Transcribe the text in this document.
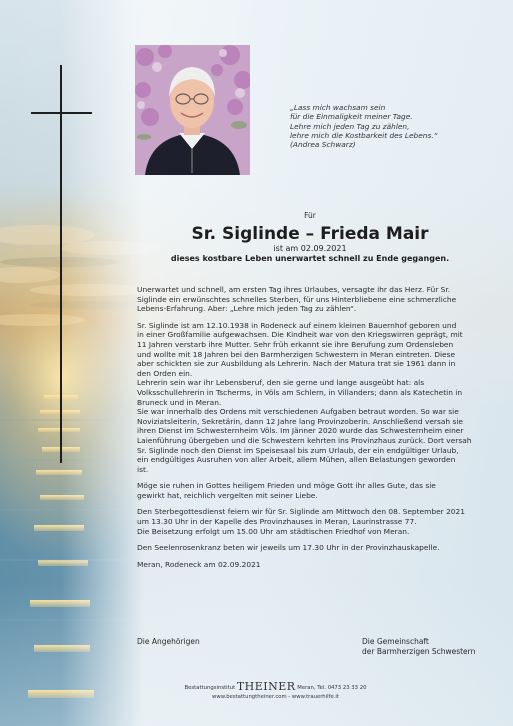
„Lass mich wachsam sein
für die Einmaligkeit meiner Tage.
Lehre mich jeden Tag zu zählen,
lehre mich die Kostbarkeit des Lebens.“
(Andrea Schwarz)
Für
Sr. Siglinde – Frieda Mair
ist am 02.09.2021
dieses kostbare Leben unerwartet schnell zu Ende gegangen.

Unerwartet und schnell, am ersten Tag ihres Urlaubes, versagte ihr das Herz. Für Sr.
Siglinde ein erwünschtes schnelles Sterben, für uns Hinterbliebene eine schmerzliche
Lebens-Erfahrung. Aber: „Lehre mich jeden Tag zu zählen“.

Sr. Siglinde ist am 12.10.1938 in Rodeneck auf einem kleinen Bauernhof geboren und
in einer Großfamilie aufgewachsen. Die Kindheit war von den Kriegswirren geprägt, mit
11 Jahren verstarb ihre Mutter. Sehr früh erkannt sie ihre Berufung zum Ordensleben
und wollte mit 18 Jahren bei den Barmherzigen Schwestern in Meran eintreten. Diese
aber schickten sie zur Ausbildung als Lehrerin. Nach der Matura trat sie 1961 dann in
den Orden ein.
Lehrerin sein war ihr Lebensberuf, den sie gerne und lange ausgeübt hat: als
Volksschullehrerin in Tscherms, in Völs am Schlern, in Villanders; dann als Katechetin in
Bruneck und in Meran.
Sie war innerhalb des Ordens mit verschiedenen Aufgaben betraut worden. So war sie
Noviziatsleiterin, Sekretärin, dann 12 Jahre lang Provinzoberin. Anschließend versah sie
ihren Dienst im Schwesternheim Völs. Im Jänner 2020 wurde das Schwesternheim einer
Laienführung übergeben und die Schwestern kehrten ins Provinzhaus zurück. Dort versah
Sr. Siglinde noch den Dienst im Speisesaal bis zum Urlaub, der ein endgültiger Urlaub,
ein endgültiges Ausruhen von aller Arbeit, allem Mühen, allen Belastungen geworden
ist.

Möge sie ruhen in Gottes heiligem Frieden und möge Gott ihr alles Gute, das sie
gewirkt hat, reichlich vergelten mit seiner Liebe.

Den Sterbegottesdienst feiern wir für Sr. Siglinde am Mittwoch den 08. September 2021
um 13.30 Uhr in der Kapelle des Provinzhauses in Meran, Laurinstrasse 77.
Die Beisetzung erfolgt um 15.00 Uhr am städtischen Friedhof von Meran.

Den Seelenrosenkranz beten wir jeweils um 17.30 Uhr in der Provinzhauskapelle.

Meran, Rodeneck am 02.09.2021

Die Angehörigen	Die Gemeinschaft
der Barmherzigen Schwestern
Bestattungsinstitut THEINER Meran, Tel. 0473 23 33 20
www.bestattungtheiner.com - www.trauerhilfe.it
